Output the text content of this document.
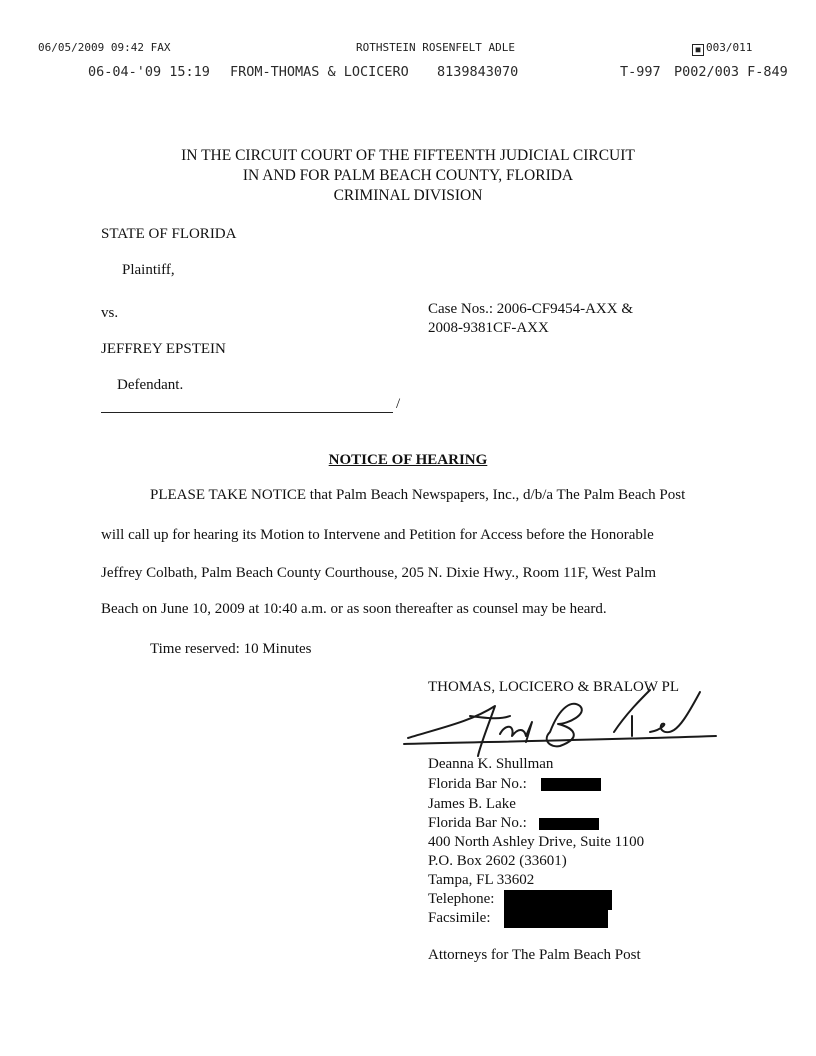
06/05/2009 09:42 FAX	ROTHSTEIN ROSENFELT ADLE	■ 003/011
06-04-'09 15:19 FROM-THOMAS & LOCICERO 8139843070	T-997 P002/003 F-849
IN THE CIRCUIT COURT OF THE FIFTEENTH JUDICIAL CIRCUIT
IN AND FOR PALM BEACH COUNTY, FLORIDA
CRIMINAL DIVISION
STATE OF FLORIDA
Plaintiff,
vs.	Case Nos.: 2006-CF9454-AXX &
2008-9381CF-AXX
JEFFREY EPSTEIN
Defendant.
/
NOTICE OF HEARING
PLEASE TAKE NOTICE that Palm Beach Newspapers, Inc., d/b/a The Palm Beach Post
will call up for hearing its Motion to Intervene and Petition for Access before the Honorable
Jeffrey Colbath, Palm Beach County Courthouse, 205 N. Dixie Hwy., Room 11F, West Palm
Beach on June 10, 2009 at 10:40 a.m. or as soon thereafter as counsel may be heard.
Time reserved: 10 Minutes
THOMAS, LOCICERO & BRALOW PL
Deanna K. Shullman
Florida Bar No.:
James B. Lake
Florida Bar No.:
400 North Ashley Drive, Suite 1100
P.O. Box 2602 (33601)
Tampa, FL 33602
Telephone:
Facsimile:
Attorneys for The Palm Beach Post
